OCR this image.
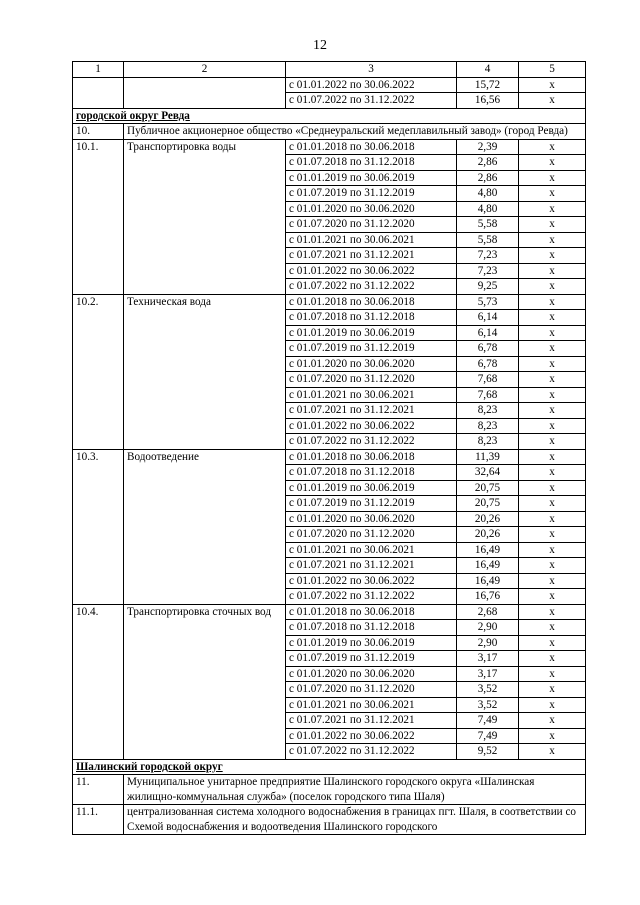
12
1	2	3	4	5
		с 01.01.2022 по 30.06.2022	15,72	х
		с 01.07.2022 по 31.12.2022	16,56	х
городской округ Ревда				
10.	Публичное акционерное общество «Среднеуральский медеплавильный завод» (город Ревда)			
10.1.	Транспортировка воды	с 01.01.2018 по 30.06.2018	2,39	х
		с 01.07.2018 по 31.12.2018	2,86	х
		с 01.01.2019 по 30.06.2019	2,86	х
		с 01.07.2019 по 31.12.2019	4,80	х
		с 01.01.2020 по 30.06.2020	4,80	х
		с 01.07.2020 по 31.12.2020	5,58	х
		с 01.01.2021 по 30.06.2021	5,58	х
		с 01.07.2021 по 31.12.2021	7,23	х
		с 01.01.2022 по 30.06.2022	7,23	х
		с 01.07.2022 по 31.12.2022	9,25	х
10.2.	Техническая вода	с 01.01.2018 по 30.06.2018	5,73	х
		с 01.07.2018 по 31.12.2018	6,14	х
		с 01.01.2019 по 30.06.2019	6,14	х
		с 01.07.2019 по 31.12.2019	6,78	х
		с 01.01.2020 по 30.06.2020	6,78	х
		с 01.07.2020 по 31.12.2020	7,68	х
		с 01.01.2021 по 30.06.2021	7,68	х
		с 01.07.2021 по 31.12.2021	8,23	х
		с 01.01.2022 по 30.06.2022	8,23	х
		с 01.07.2022 по 31.12.2022	8,23	х
10.3.	Водоотведение	с 01.01.2018 по 30.06.2018	11,39	х
		с 01.07.2018 по 31.12.2018	32,64	х
		с 01.01.2019 по 30.06.2019	20,75	х
		с 01.07.2019 по 31.12.2019	20,75	х
		с 01.01.2020 по 30.06.2020	20,26	х
		с 01.07.2020 по 31.12.2020	20,26	х
		с 01.01.2021 по 30.06.2021	16,49	х
		с 01.07.2021 по 31.12.2021	16,49	х
		с 01.01.2022 по 30.06.2022	16,49	х
		с 01.07.2022 по 31.12.2022	16,76	х
10.4.	Транспортировка сточных вод	с 01.01.2018 по 30.06.2018	2,68	х
		с 01.07.2018 по 31.12.2018	2,90	х
		с 01.01.2019 по 30.06.2019	2,90	х
		с 01.07.2019 по 31.12.2019	3,17	х
		с 01.01.2020 по 30.06.2020	3,17	х
		с 01.07.2020 по 31.12.2020	3,52	х
		с 01.01.2021 по 30.06.2021	3,52	х
		с 01.07.2021 по 31.12.2021	7,49	х
		с 01.01.2022 по 30.06.2022	7,49	х
		с 01.07.2022 по 31.12.2022	9,52	х
Шалинский городской округ				
11.	Муниципальное унитарное предприятие Шалинского городского округа «Шалинская жилищно-коммунальная служба» (поселок городского типа Шаля)			
11.1.	централизованная система холодного водоснабжения в границах пгт. Шаля, в соответствии со Схемой водоснабжения и водоотведения Шалинского городского			
